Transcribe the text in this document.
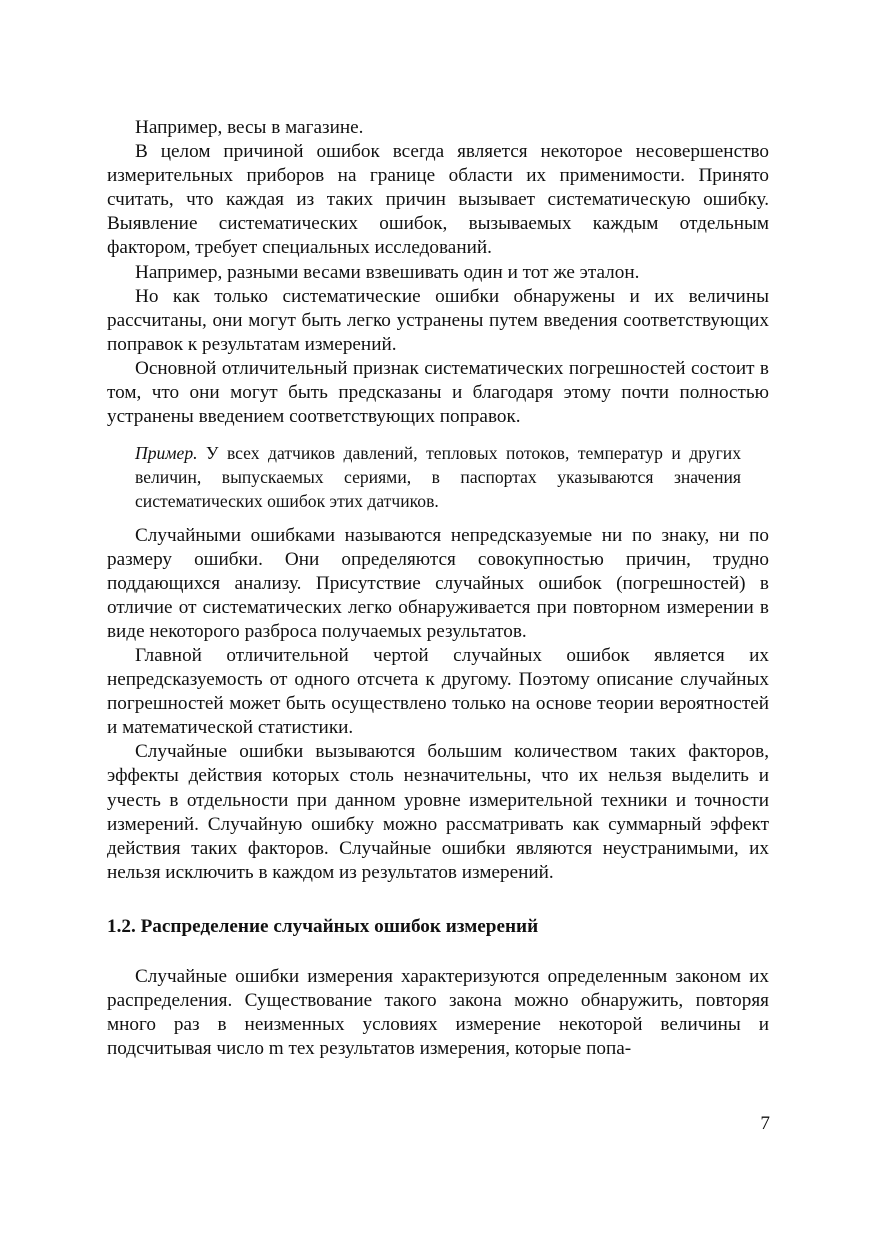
Например, весы в магазине.

В целом причиной ошибок всегда является некоторое несовершенство измерительных приборов на границе области их применимости. Принято считать, что каждая из таких причин вызывает систематическую ошибку. Выявление систематических ошибок, вызываемых каждым отдельным фактором, требует специальных исследований.

Например, разными весами взвешивать один и тот же эталон.

Но как только систематические ошибки обнаружены и их величины рассчитаны, они могут быть легко устранены путем введения соответствующих поправок к результатам измерений.

Основной отличительный признак систематических погрешностей состоит в том, что они могут быть предсказаны и благодаря этому почти полностью устранены введением соответствующих поправок.

Пример. У всех датчиков давлений, тепловых потоков, температур и других величин, выпускаемых сериями, в паспортах указываются значения систематических ошибок этих датчиков.

Случайными ошибками называются непредсказуемые ни по знаку, ни по размеру ошибки. Они определяются совокупностью причин, трудно поддающихся анализу. Присутствие случайных ошибок (погрешностей) в отличие от систематических легко обнаруживается при повторном измерении в виде некоторого разброса получаемых результатов.

Главной отличительной чертой случайных ошибок является их непредсказуемость от одного отсчета к другому. Поэтому описание случайных погрешностей может быть осуществлено только на основе теории вероятностей и математической статистики.

Случайные ошибки вызываются большим количеством таких факторов, эффекты действия которых столь незначительны, что их нельзя выделить и учесть в отдельности при данном уровне измерительной техники и точности измерений. Случайную ошибку можно рассматривать как суммарный эффект действия таких факторов. Случайные ошибки являются неустранимыми, их нельзя исключить в каждом из результатов измерений.

1.2. Распределение случайных ошибок измерений

Случайные ошибки измерения характеризуются определенным законом их распределения. Существование такого закона можно обнаружить, повторяя много раз в неизменных условиях измерение некоторой величины и подсчитывая число m тех результатов измерения, которые попа-

7
